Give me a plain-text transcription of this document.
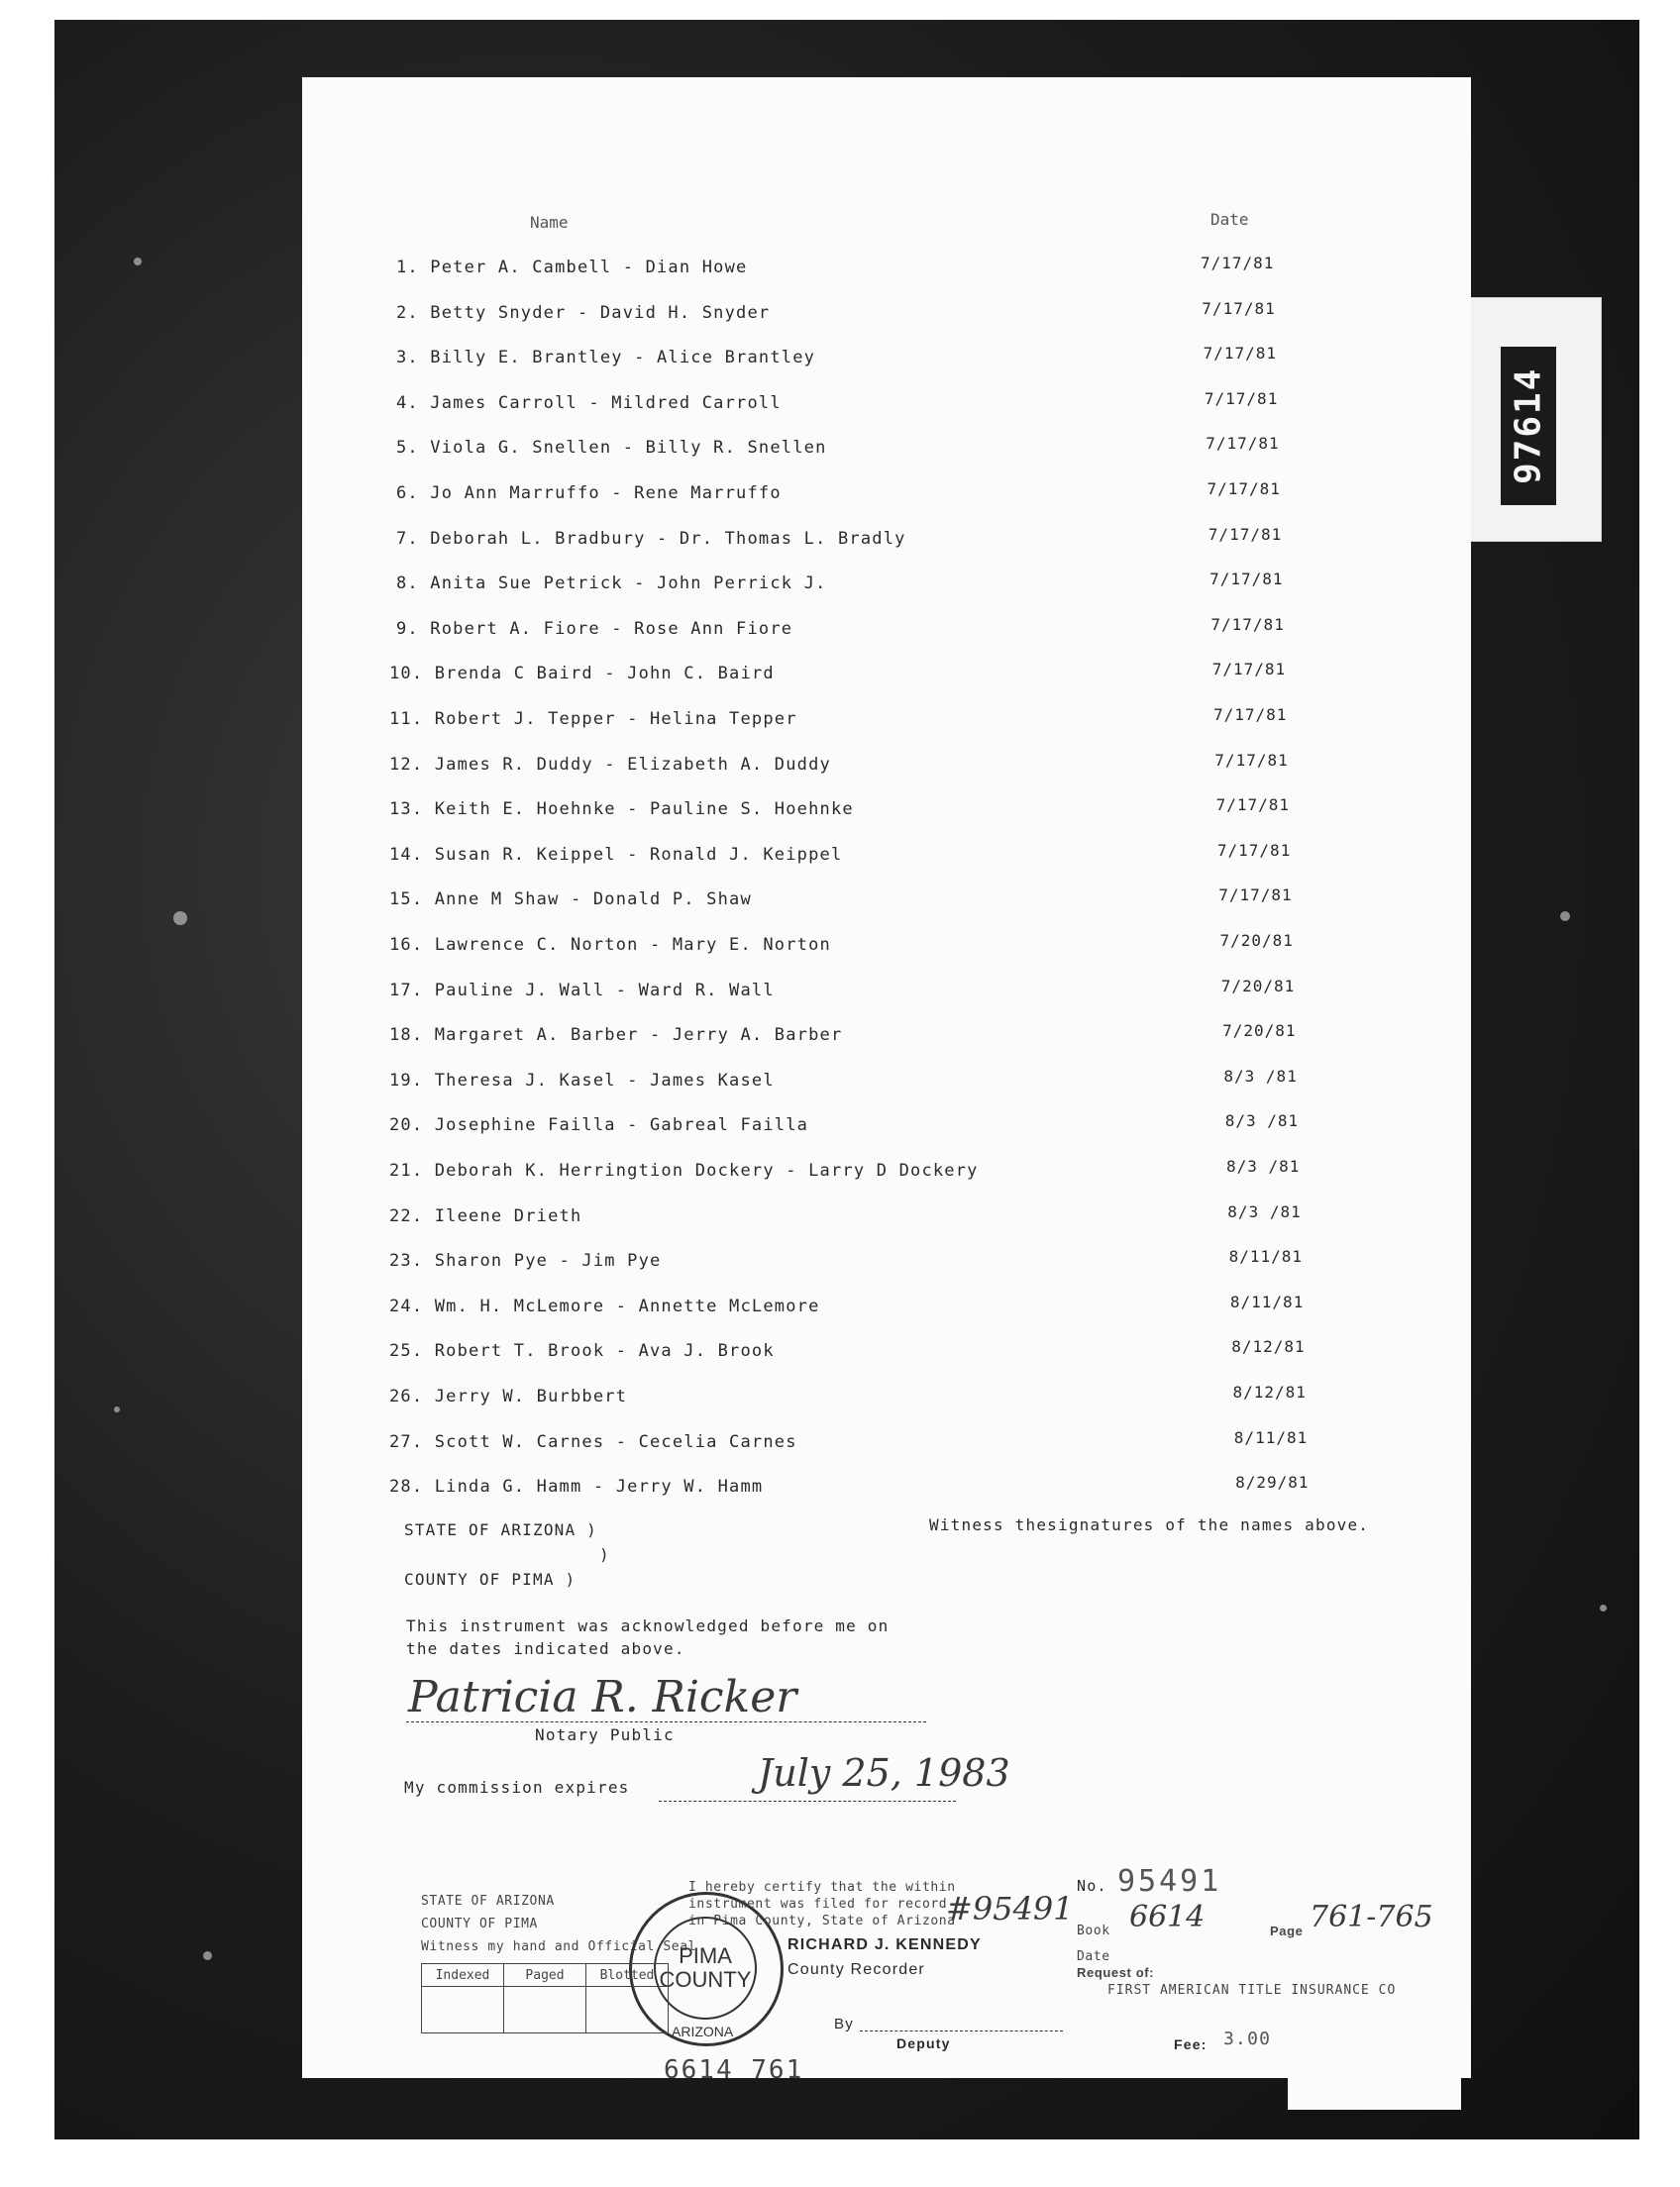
97614
Name	Date
1. Peter A. Cambell - Dian Howe	7/17/81
2. Betty Snyder - David H. Snyder	7/17/81
3. Billy E. Brantley - Alice Brantley	7/17/81
4. James Carroll - Mildred Carroll	7/17/81
5. Viola G. Snellen - Billy R. Snellen	7/17/81
6. Jo Ann Marruffo - Rene Marruffo	7/17/81
7. Deborah L. Bradbury - Dr. Thomas L. Bradly	7/17/81
8. Anita Sue Petrick - John Perrick J.	7/17/81
9. Robert A. Fiore - Rose Ann Fiore	7/17/81
10. Brenda C Baird - John C. Baird	7/17/81
11. Robert J. Tepper - Helina Tepper	7/17/81
12. James R. Duddy - Elizabeth A. Duddy	7/17/81
13. Keith E. Hoehnke - Pauline S. Hoehnke	7/17/81
14. Susan R. Keippel - Ronald J. Keippel	7/17/81
15. Anne M Shaw - Donald P. Shaw	7/17/81
16. Lawrence C. Norton - Mary E. Norton	7/20/81
17. Pauline J. Wall - Ward R. Wall	7/20/81
18. Margaret A. Barber - Jerry A. Barber	7/20/81
19. Theresa J. Kasel - James Kasel	8/3 /81
20. Josephine Failla - Gabreal Failla	8/3 /81
21. Deborah K. Herringtion Dockery - Larry D Dockery	8/3 /81
22. Ileene Drieth	8/3 /81
23. Sharon Pye - Jim Pye	8/11/81
24. Wm. H. McLemore - Annette McLemore	8/11/81
25. Robert T. Brook - Ava J. Brook	8/12/81
26. Jerry W. Burbbert	8/12/81
27. Scott W. Carnes - Cecelia Carnes	8/11/81
28. Linda G. Hamm - Jerry W. Hamm	8/29/81
STATE OF ARIZONA )
)
COUNTY OF PIMA )
Witness thesignatures of the names above.
This instrument was acknowledged before me on
the dates indicated above.
Patricia R. Ricker
Notary Public
My commission expires	July 25, 1983
STATE OF ARIZONA
COUNTY OF PIMA
Witness my hand and Official Seal
PIMA
COUNTY
ARIZONA
I hereby certify that the within
instrument was filed for record
in Pima County, State of Arizona
#95491
RICHARD J. KENNEDY
County Recorder
Indexed	Paged	Blotted

No. 95491
Book 6614	Page 761-765
Date
Request of:
FIRST AMERICAN TITLE INSURANCE CO
By
Deputy	Fee: 3.00
6614 761
